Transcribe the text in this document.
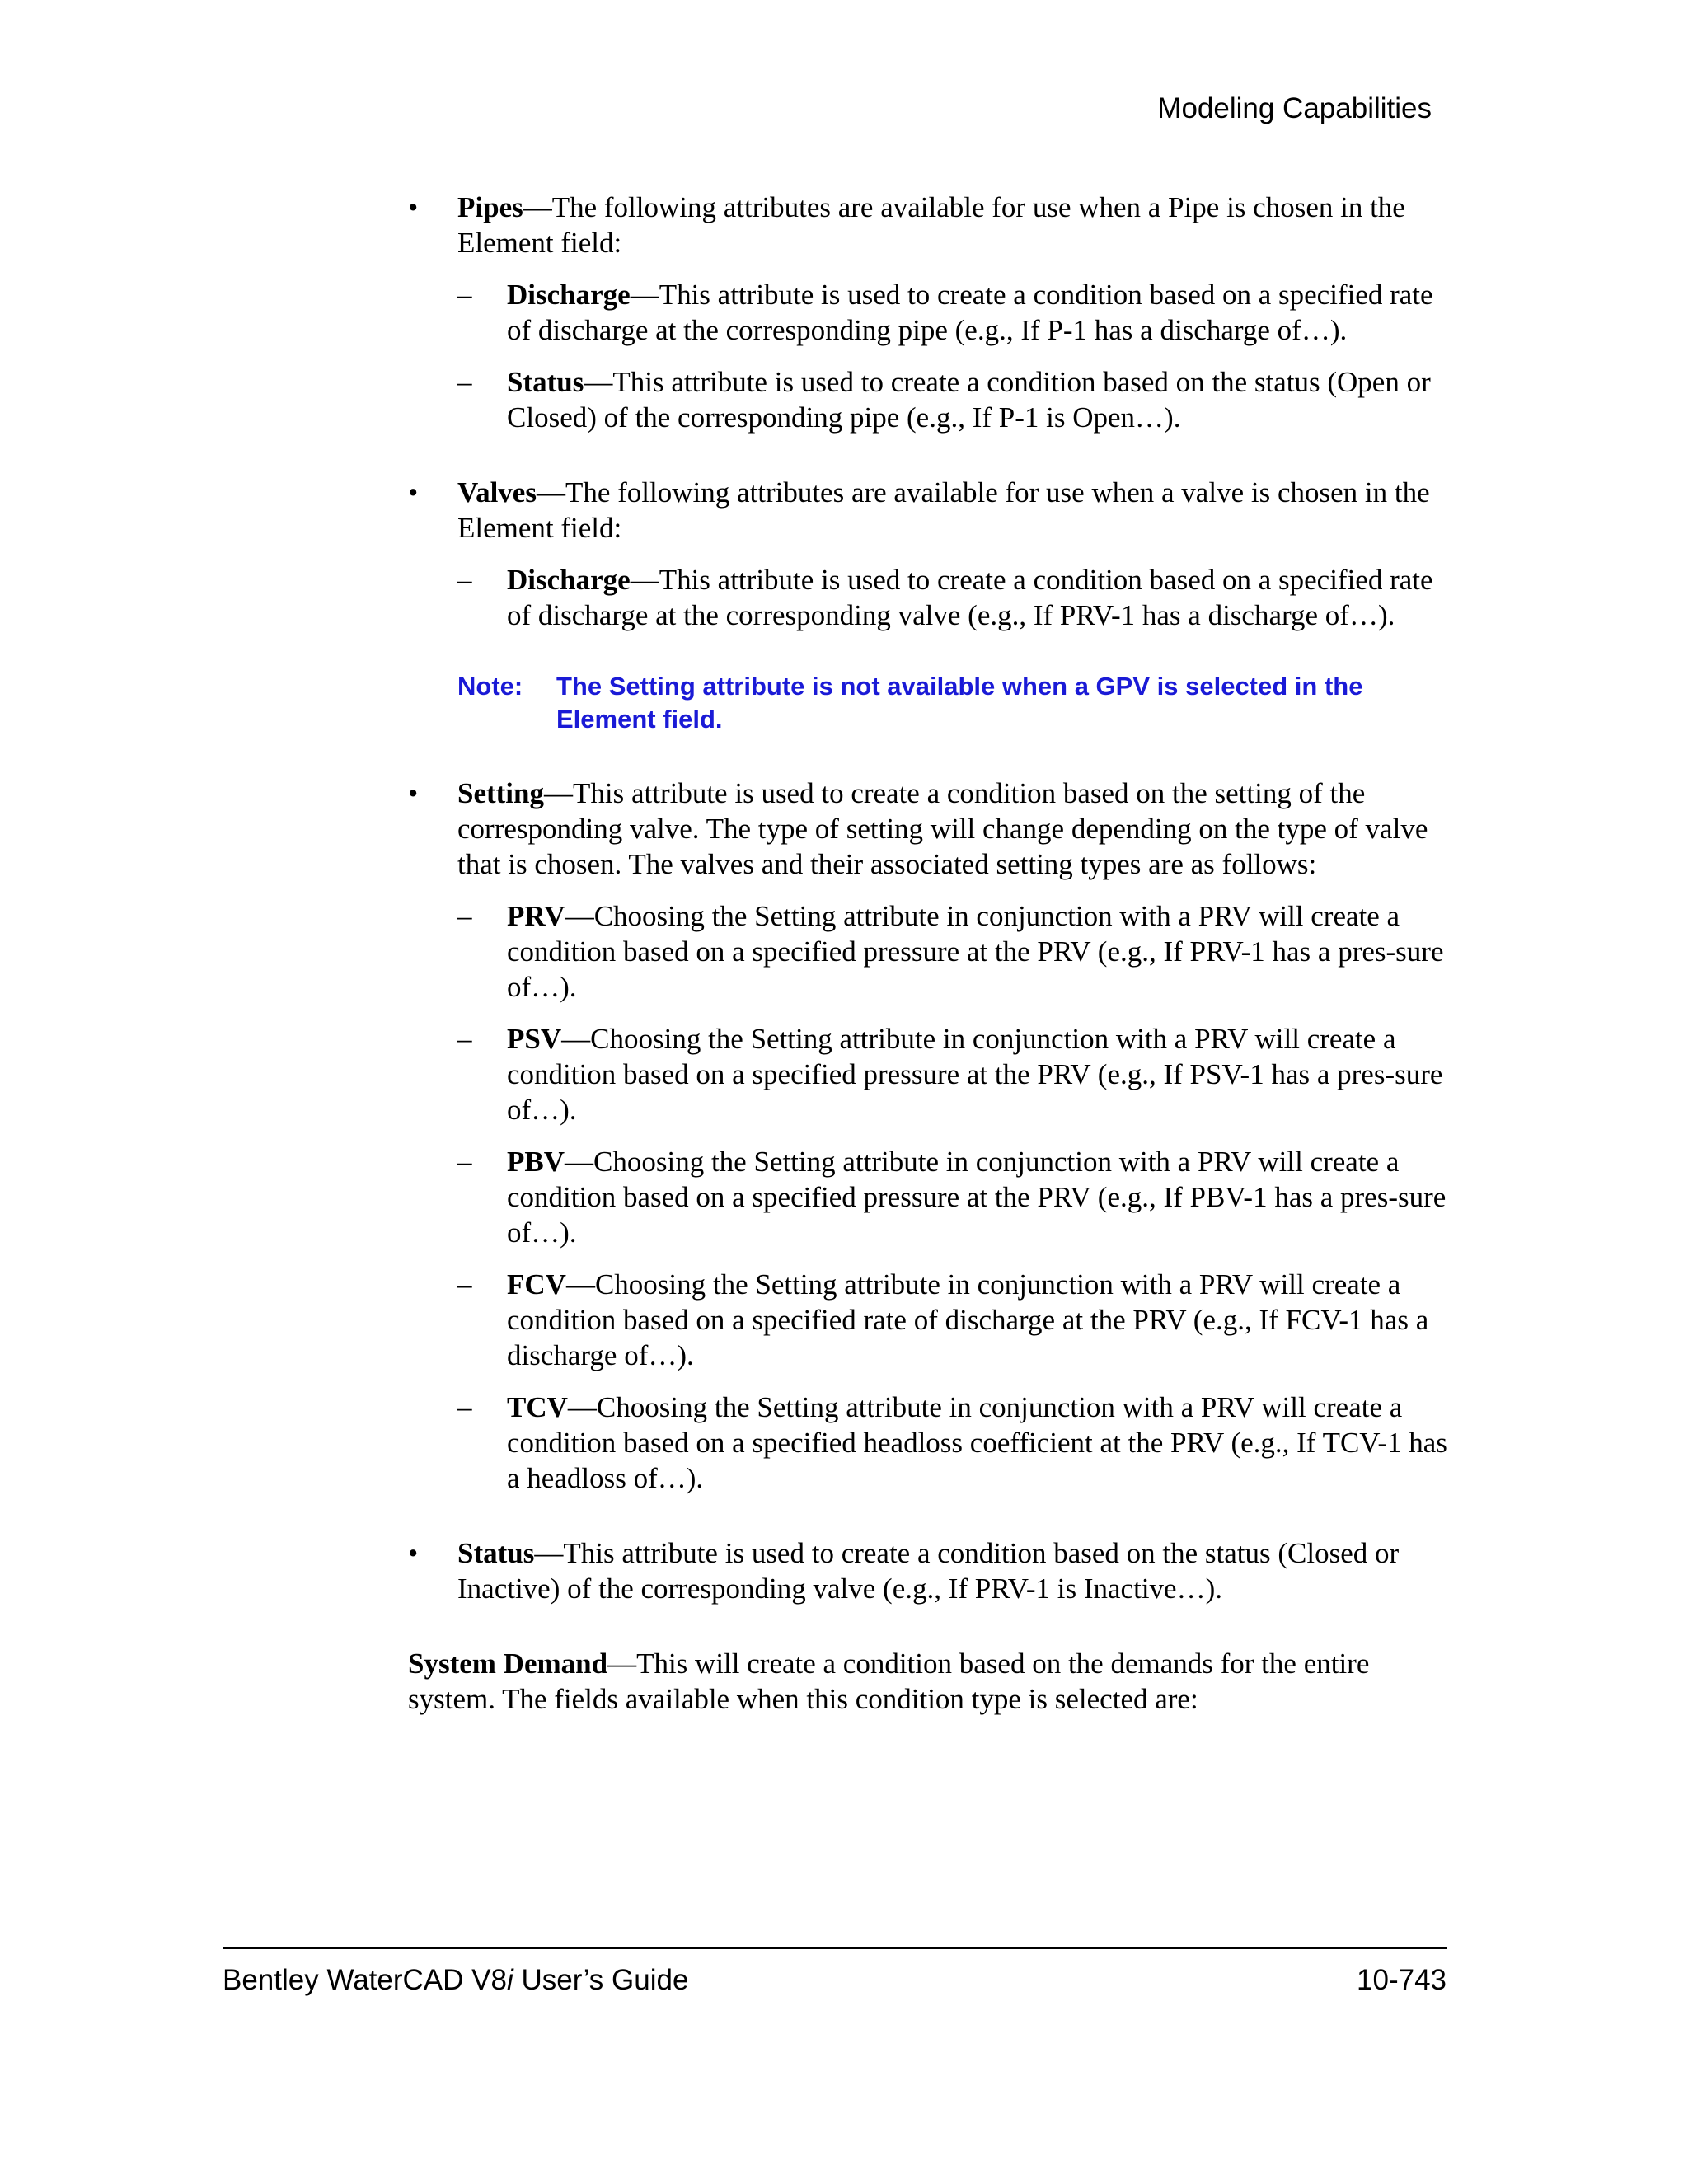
Modeling Capabilities
•	Pipes—The following attributes are available for use when a Pipe is chosen in the Element field:

–	Discharge—This attribute is used to create a condition based on a specified rate of discharge at the corresponding pipe (e.g., If P-1 has a discharge of…).

–	Status—This attribute is used to create a condition based on the status (Open or Closed) of the corresponding pipe (e.g., If P-1 is Open…).

•	Valves—The following attributes are available for use when a valve is chosen in the Element field:

–	Discharge—This attribute is used to create a condition based on a specified rate of discharge at the corresponding valve (e.g., If PRV-1 has a discharge of…).

Note: The Setting attribute is not available when a GPV is selected in the Element field.
•	Setting—This attribute is used to create a condition based on the setting of the corresponding valve. The type of setting will change depending on the type of valve that is chosen. The valves and their associated setting types are as follows:

–	PRV—Choosing the Setting attribute in conjunction with a PRV will create a condition based on a specified pressure at the PRV (e.g., If PRV-1 has a pres-sure of…).

–	PSV—Choosing the Setting attribute in conjunction with a PRV will create a condition based on a specified pressure at the PRV (e.g., If PSV-1 has a pres-sure of…).

–	PBV—Choosing the Setting attribute in conjunction with a PRV will create a condition based on a specified pressure at the PRV (e.g., If PBV-1 has a pres-sure of…).

–	FCV—Choosing the Setting attribute in conjunction with a PRV will create a condition based on a specified rate of discharge at the PRV (e.g., If FCV-1 has a discharge of…).

–	TCV—Choosing the Setting attribute in conjunction with a PRV will create a condition based on a specified headloss coefficient at the PRV (e.g., If TCV-1 has a headloss of…).

•	Status—This attribute is used to create a condition based on the status (Closed or Inactive) of the corresponding valve (e.g., If PRV-1 is Inactive…).

System Demand—This will create a condition based on the demands for the entire system. The fields available when this condition type is selected are:

Bentley WaterCAD V8i User’s Guide	10-743
